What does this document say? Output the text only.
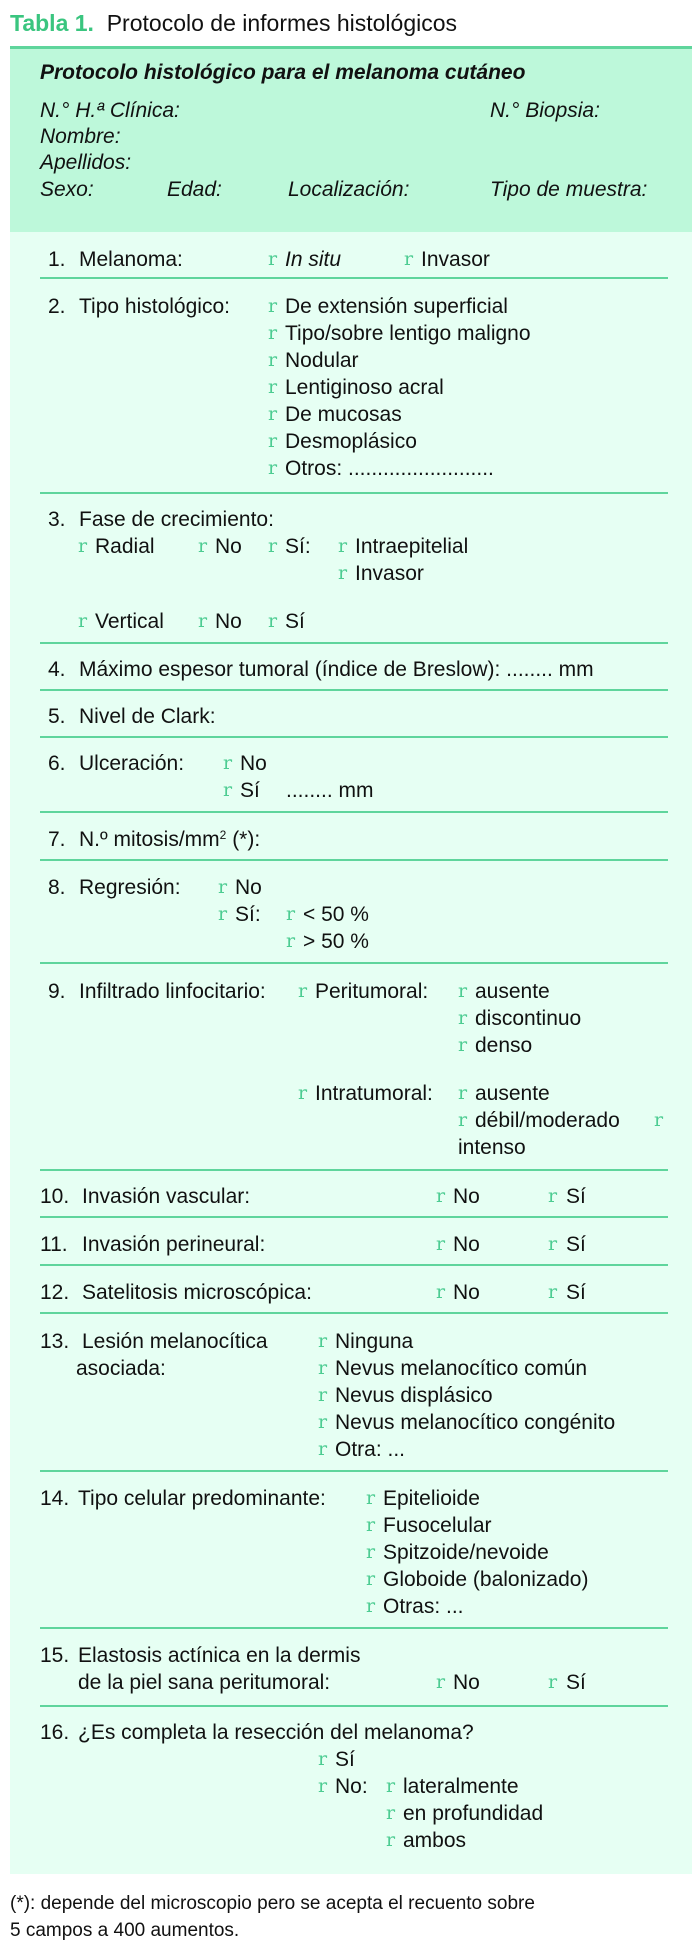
Tabla 1. Protocolo de informes histológicos
Protocolo histológico para el melanoma cutáneo
N.° H.ª Clínica:	N.° Biopsia:
Nombre:
Apellidos:
Sexo:	Edad:	Localización:	Tipo de muestra:
1. Melanoma:	r In situ	r Invasor
2. Tipo histológico: r De extensión superficial
r Tipo/sobre lentigo maligno
r Nodular
r Lentiginoso acral
r De mucosas
r Desmoplásico
r Otros: .........................
3. Fase de crecimiento:
r Radial r No r Sí: r Intraepitelial
r Invasor
r Vertical r No r Sí
4. Máximo espesor tumoral (índice de Breslow): ........ mm
5. Nivel de Clark:
6. Ulceración: r No
r Sí ........ mm
7. N.º mitosis/$mm^2$ (*):
8. Regresión: r No
r Sí: r < 50 %
r > 50 %
9. Infiltrado linfocitario: r Peritumoral: r ausente
r discontinuo
r denso
r Intratumoral: r ausente
r débil/moderado r
intenso
10. Invasión vascular:	r No	r Sí
11. Invasión perineural:	r No	r Sí
12. Satelitosis microscópica:	r No	r Sí
13. Lesión melanocítica
asociada:
r Ninguna
r Nevus melanocítico común
r Nevus displásico
r Nevus melanocítico congénito
r Otra: ...
14. Tipo celular predominante: r Epitelioide
r Fusocelular
r Spitzoide/nevoide
r Globoide (balonizado)
r Otras: ...
15. Elastosis actínica en la dermis
de la piel sana peritumoral:	r No	r Sí
16. ¿Es completa la resección del melanoma?
r Sí
r No: r lateralmente
r en profundidad
r ambos
(*): depende del microscopio pero se acepta el recuento sobre
5 campos a 400 aumentos.
